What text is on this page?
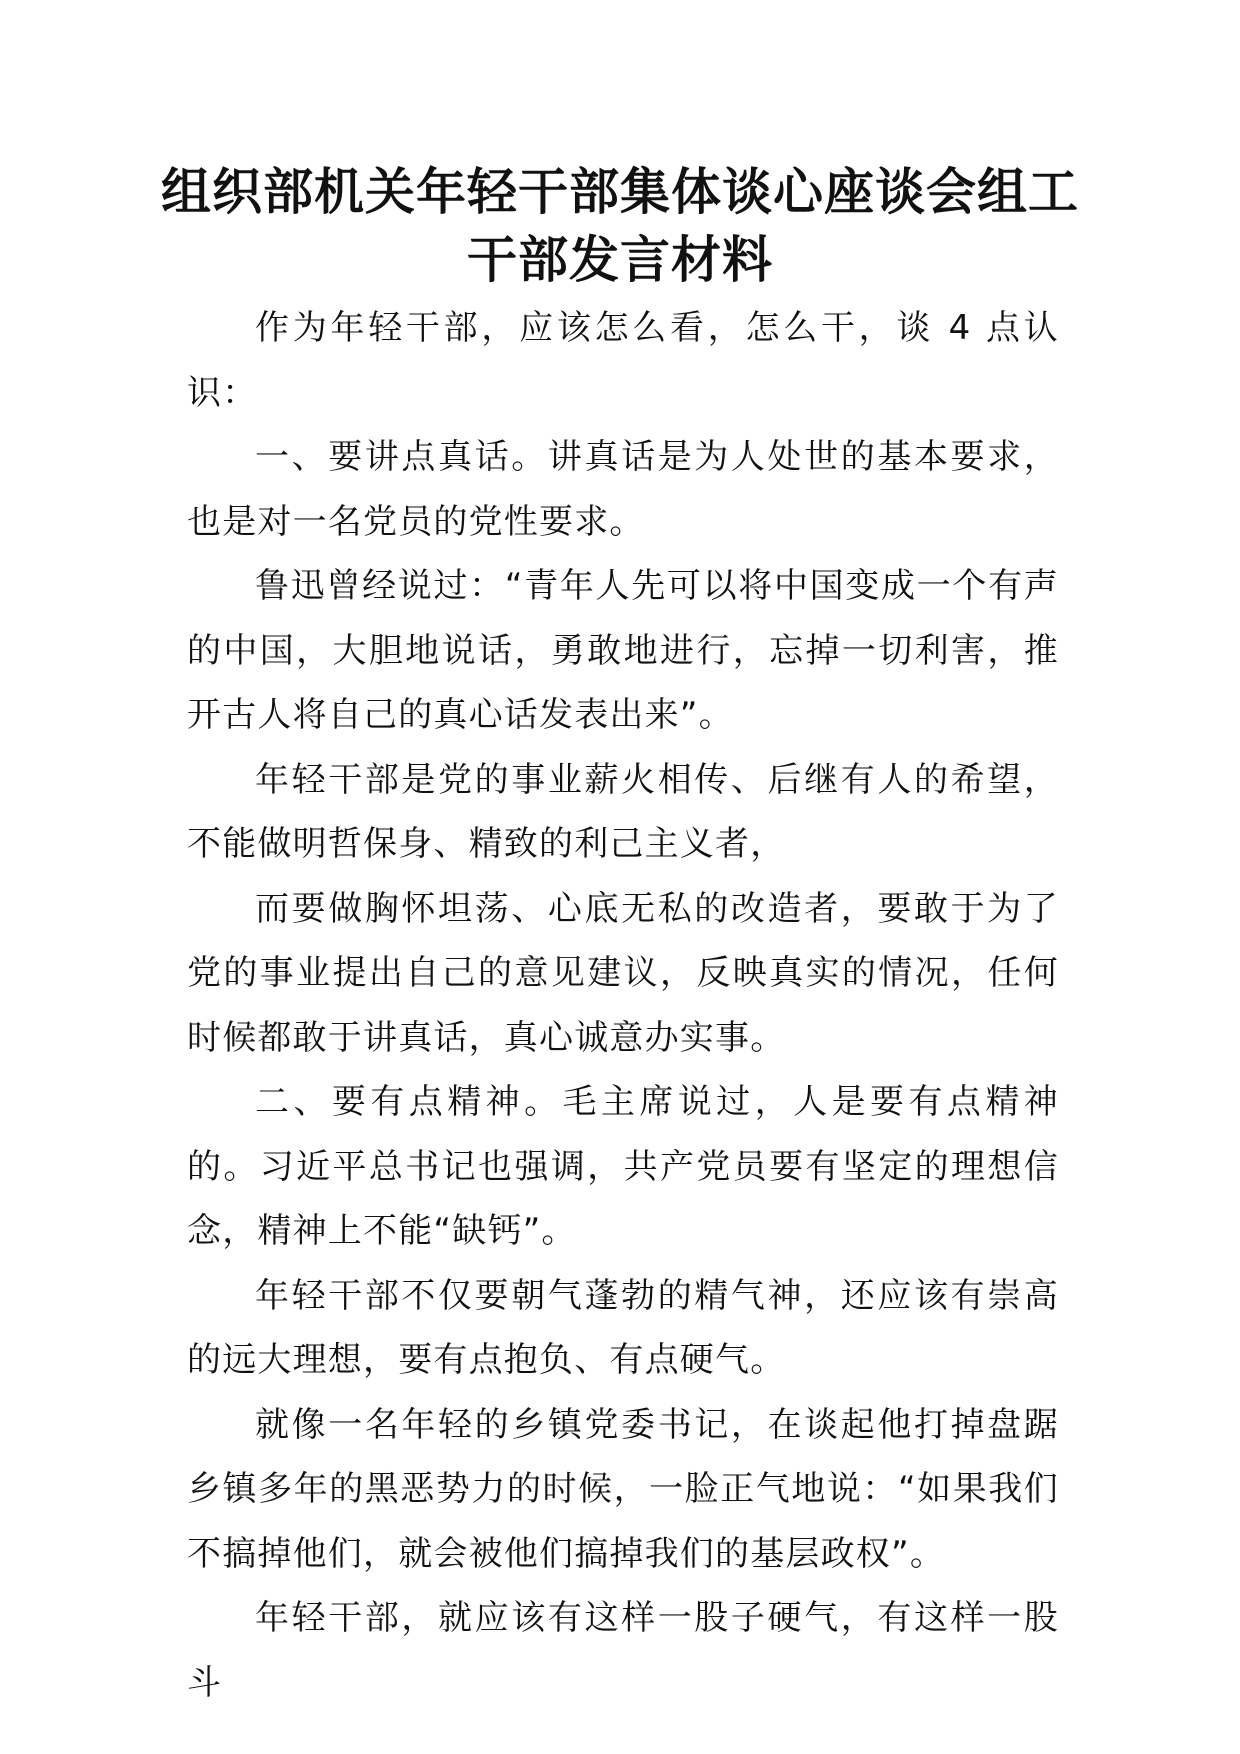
组织部机关年轻干部集体谈心座谈会组工
干部发言材料

作为年轻干部，应该怎么看，怎么干，谈 4 点认识：

一、要讲点真话。讲真话是为人处世的基本要求，也是对一名党员的党性要求。

鲁迅曾经说过：“青年人先可以将中国变成一个有声的中国，大胆地说话，勇敢地进行，忘掉一切利害，推开古人将自己的真心话发表出来”。

年轻干部是党的事业薪火相传、后继有人的希望，不能做明哲保身、精致的利己主义者，

而要做胸怀坦荡、心底无私的改造者，要敢于为了党的事业提出自己的意见建议，反映真实的情况，任何时候都敢于讲真话，真心诚意办实事。

二、要有点精神。毛主席说过，人是要有点精神的。习近平总书记也强调，共产党员要有坚定的理想信念，精神上不能“缺钙”。

年轻干部不仅要朝气蓬勃的精气神，还应该有崇高的远大理想，要有点抱负、有点硬气。

就像一名年轻的乡镇党委书记，在谈起他打掉盘踞乡镇多年的黑恶势力的时候，一脸正气地说：“如果我们不搞掉他们，就会被他们搞掉我们的基层政权”。

年轻干部，就应该有这样一股子硬气，有这样一股斗
